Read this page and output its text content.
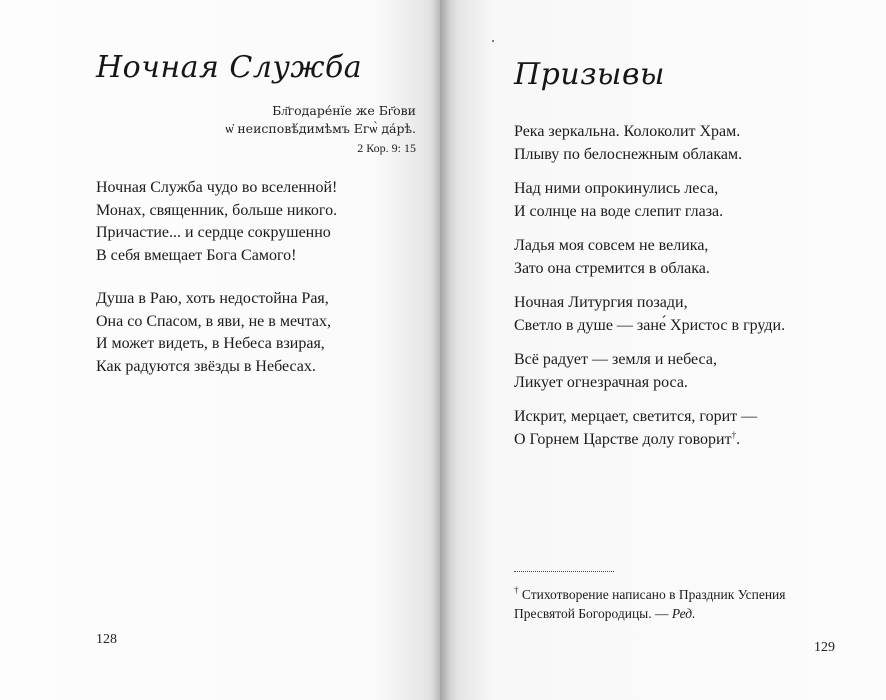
Ночная Служба
Бл҃годаре́нїе же Бг҃ови
ѡ҆ неисповѣ́димѣмъ Егѡ̀ да́рѣ.
2 Кор. 9: 15
Ночная Служба чудо во вселенной!
Монах, священник, больше никого.
Причастие... и сердце сокрушенно
В себя вмещает Бога Самого!
Душа в Раю, хоть недостойна Рая,
Она со Спасом, в яви, не в мечтах,
И может видеть, в Небеса взирая,
Как радуются звёзды в Небесах.
128
Призывы
Река зеркальна. Колоколит Храм.
Плыву по белоснежным облакам.
Над ними опрокинулись леса,
И солнце на воде слепит глаза.
Ладья моя совсем не велика,
Зато она стремится в облака.
Ночная Литургия позади,
Светло в душе — зане́ Христос в груди.
Всё радует — земля и небеса,
Ликует огнезрачная роса.
Искрит, мерцает, светится, горит —
О Горнем Царстве долу говорит†.
† Стихотворение написано в Праздник Успения
Пресвятой Богородицы. — Ред.
129
